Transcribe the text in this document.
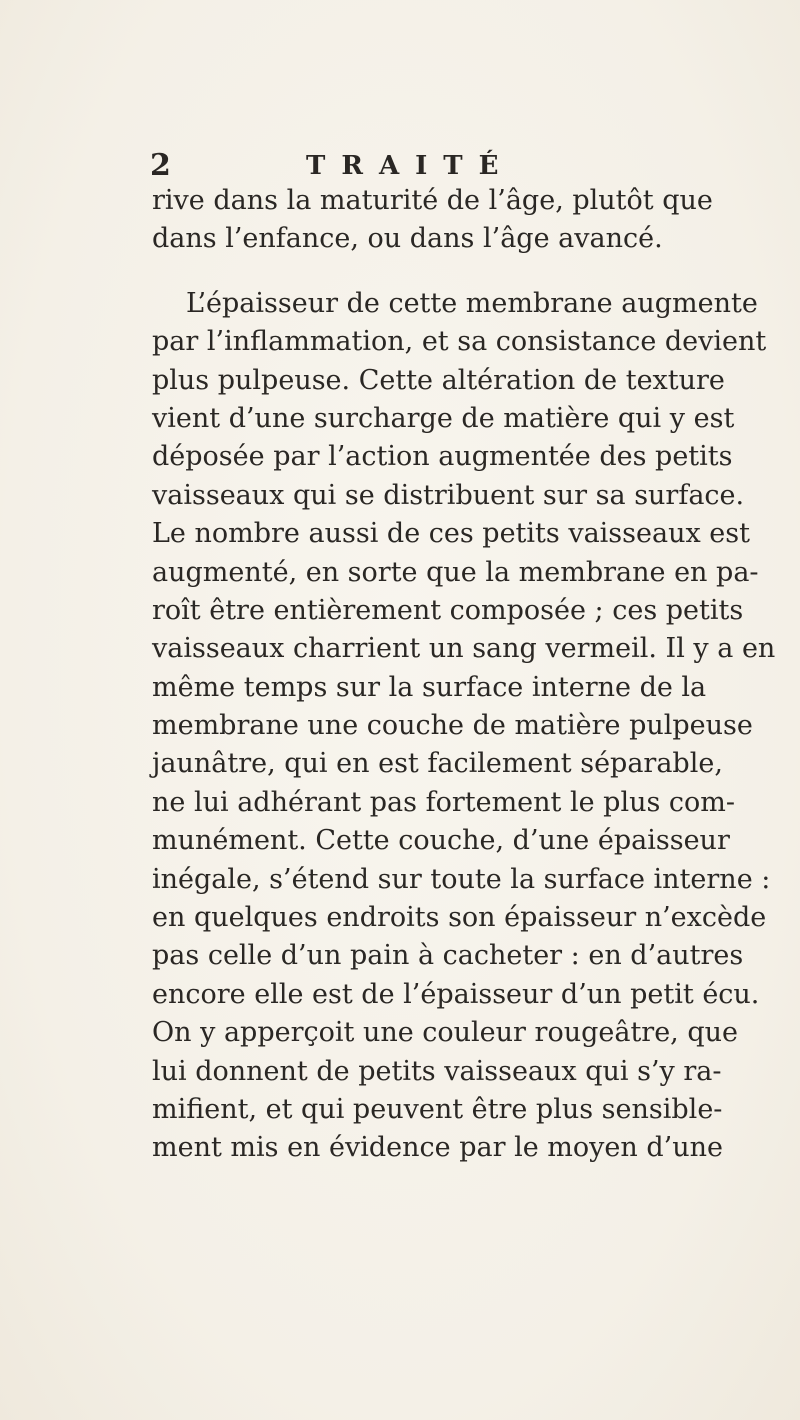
2	TRAITÉ
rive dans la maturité de l’âge, plutôt que
dans l’enfance, ou dans l’âge avancé.
L’épaisseur de cette membrane augmente
par l’inflammation, et sa consistance devient
plus pulpeuse. Cette altération de texture
vient d’une surcharge de matière qui y est
déposée par l’action augmentée des petits
vaisseaux qui se distribuent sur sa surface.
Le nombre aussi de ces petits vaisseaux est
augmenté, en sorte que la membrane en pa-
roît être entièrement composée ; ces petits
vaisseaux charrient un sang vermeil. Il y a en
même temps sur la surface interne de la
membrane une couche de matière pulpeuse
jaunâtre, qui en est facilement séparable,
ne lui adhérant pas fortement le plus com-
munément. Cette couche, d’une épaisseur
inégale, s’étend sur toute la surface interne :
en quelques endroits son épaisseur n’excède
pas celle d’un pain à cacheter : en d’autres
encore elle est de l’épaisseur d’un petit écu.
On y apperçoit une couleur rougeâtre, que
lui donnent de petits vaisseaux qui s’y ra-
mifient, et qui peuvent être plus sensible-
ment mis en évidence par le moyen d’une
